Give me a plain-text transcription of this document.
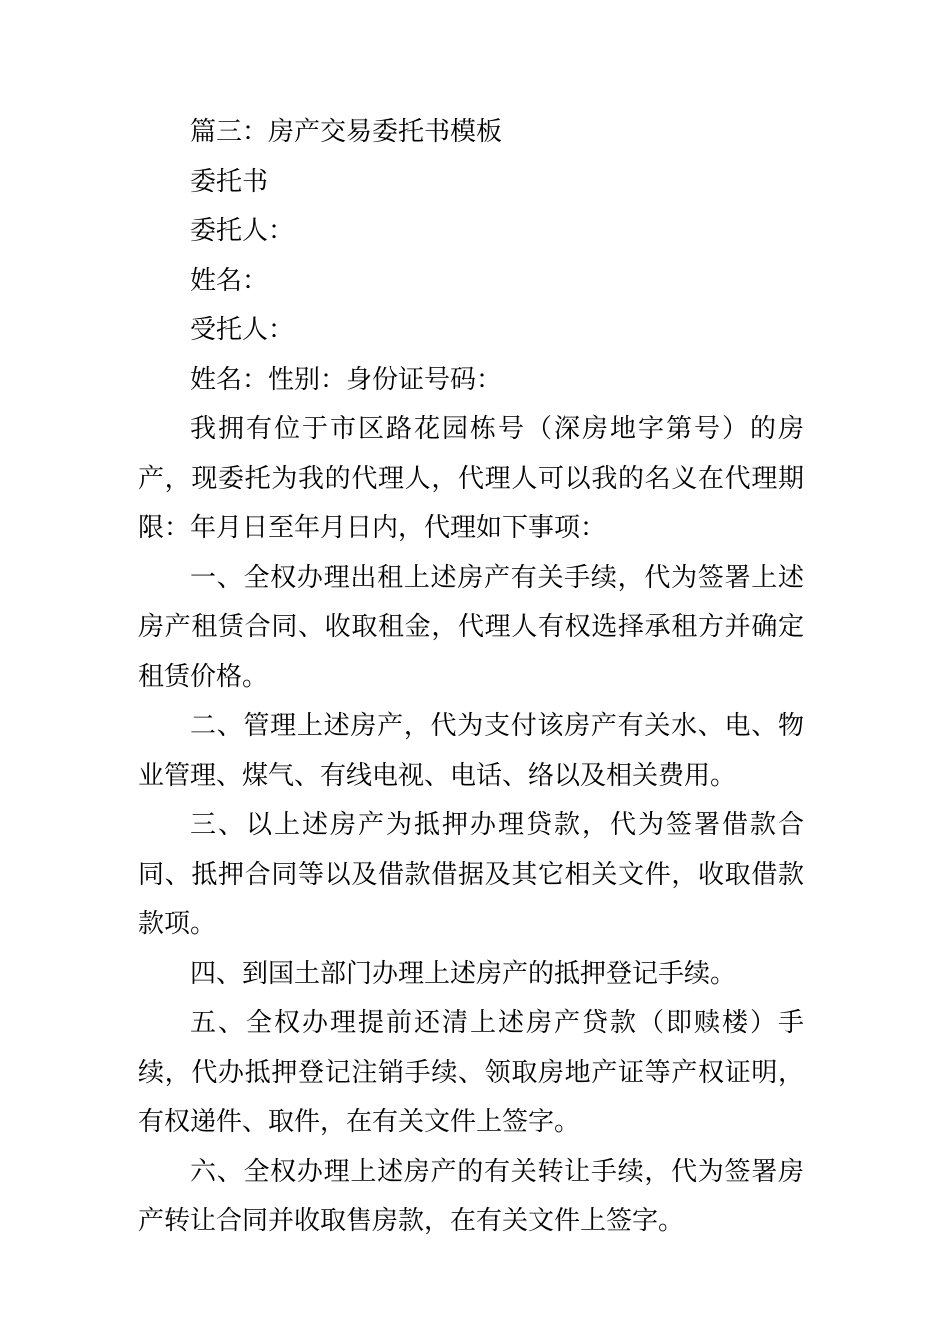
篇三：房产交易委托书模板

委托书

委托人：

姓名：

受托人：

姓名：性别：身份证号码：

我拥有位于市区路花园栋号（深房地字第号）的房产，现委托为我的代理人，代理人可以我的名义在代理期限：年月日至年月日内，代理如下事项：

一、全权办理出租上述房产有关手续，代为签署上述房产租赁合同、收取租金，代理人有权选择承租方并确定租赁价格。

二、管理上述房产，代为支付该房产有关水、电、物业管理、煤气、有线电视、电话、络以及相关费用。

三、以上述房产为抵押办理贷款，代为签署借款合同、抵押合同等以及借款借据及其它相关文件，收取借款款项。

四、到国土部门办理上述房产的抵押登记手续。

五、全权办理提前还清上述房产贷款（即赎楼）手续，代办抵押登记注销手续、领取房地产证等产权证明，有权递件、取件，在有关文件上签字。

六、全权办理上述房产的有关转让手续，代为签署房产转让合同并收取售房款，在有关文件上签字。
